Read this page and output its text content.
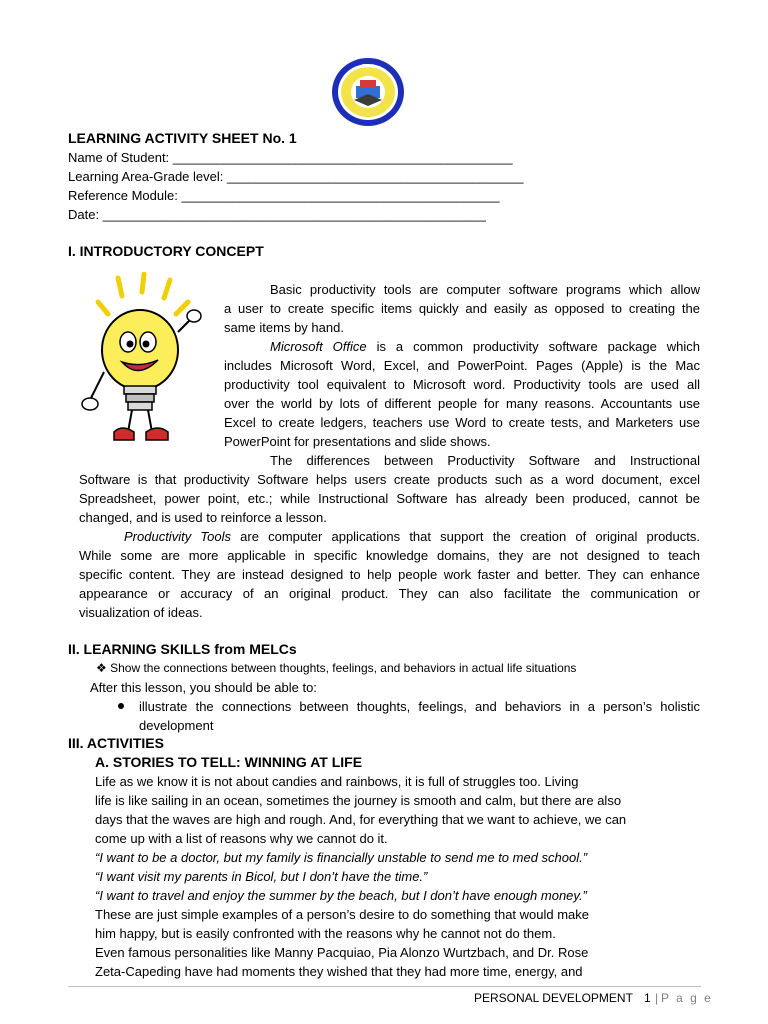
SEAL
LEARNING ACTIVITY SHEET No. 1
Name of Student: _______________________________________________
Learning Area-Grade level: _________________________________________
Reference Module: ____________________________________________
Date: _____________________________________________________
I. INTRODUCTORY CONCEPT
Basic productivity tools are computer software programs which allow
a user to create specific items quickly and easily as opposed to creating the
same items by hand.
Microsoft Office is a common productivity software package which
includes Microsoft Word, Excel, and PowerPoint. Pages (Apple) is the Mac
productivity tool equivalent to Microsoft word. Productivity tools are used all
over the world by lots of different people for many reasons. Accountants use
Excel to create ledgers, teachers use Word to create tests, and Marketers use
PowerPoint for presentations and slide shows.
The differences between Productivity Software and Instructional
Software is that productivity Software helps users create products such as a word document, excel
Spreadsheet, power point, etc.; while Instructional Software has already been produced, cannot be
changed, and is used to reinforce a lesson.
Productivity Tools are computer applications that support the creation of original products.
While some are more applicable in specific knowledge domains, they are not designed to teach
specific content. They are instead designed to help people work faster and better. They can enhance
appearance or accuracy of an original product. They can also facilitate the communication or
visualization of ideas.
II. LEARNING SKILLS from MELCs
❖ Show the connections between thoughts, feelings, and behaviors in actual life situations
After this lesson, you should be able to:
illustrate the connections between thoughts, feelings, and behaviors in a person’s holistic
development
III. ACTIVITIES
A. STORIES TO TELL: WINNING AT LIFE
Life as we know it is not about candies and rainbows, it is full of struggles too. Living
life is like sailing in an ocean, sometimes the journey is smooth and calm, but there are also
days that the waves are high and rough. And, for everything that we want to achieve, we can
come up with a list of reasons why we cannot do it.
“I want to be a doctor, but my family is financially unstable to send me to med school.”
“I want visit my parents in Bicol, but I don’t have the time.”
“I want to travel and enjoy the summer by the beach, but I don’t have enough money.”
These are just simple examples of a person’s desire to do something that would make
him happy, but is easily confronted with the reasons why he cannot not do them.
Even famous personalities like Manny Pacquiao, Pia Alonzo Wurtzbach, and Dr. Rose
Zeta-Capeding have had moments they wished that they had more time, energy, and
PERSONAL DEVELOPMENT 1 | P a g e
